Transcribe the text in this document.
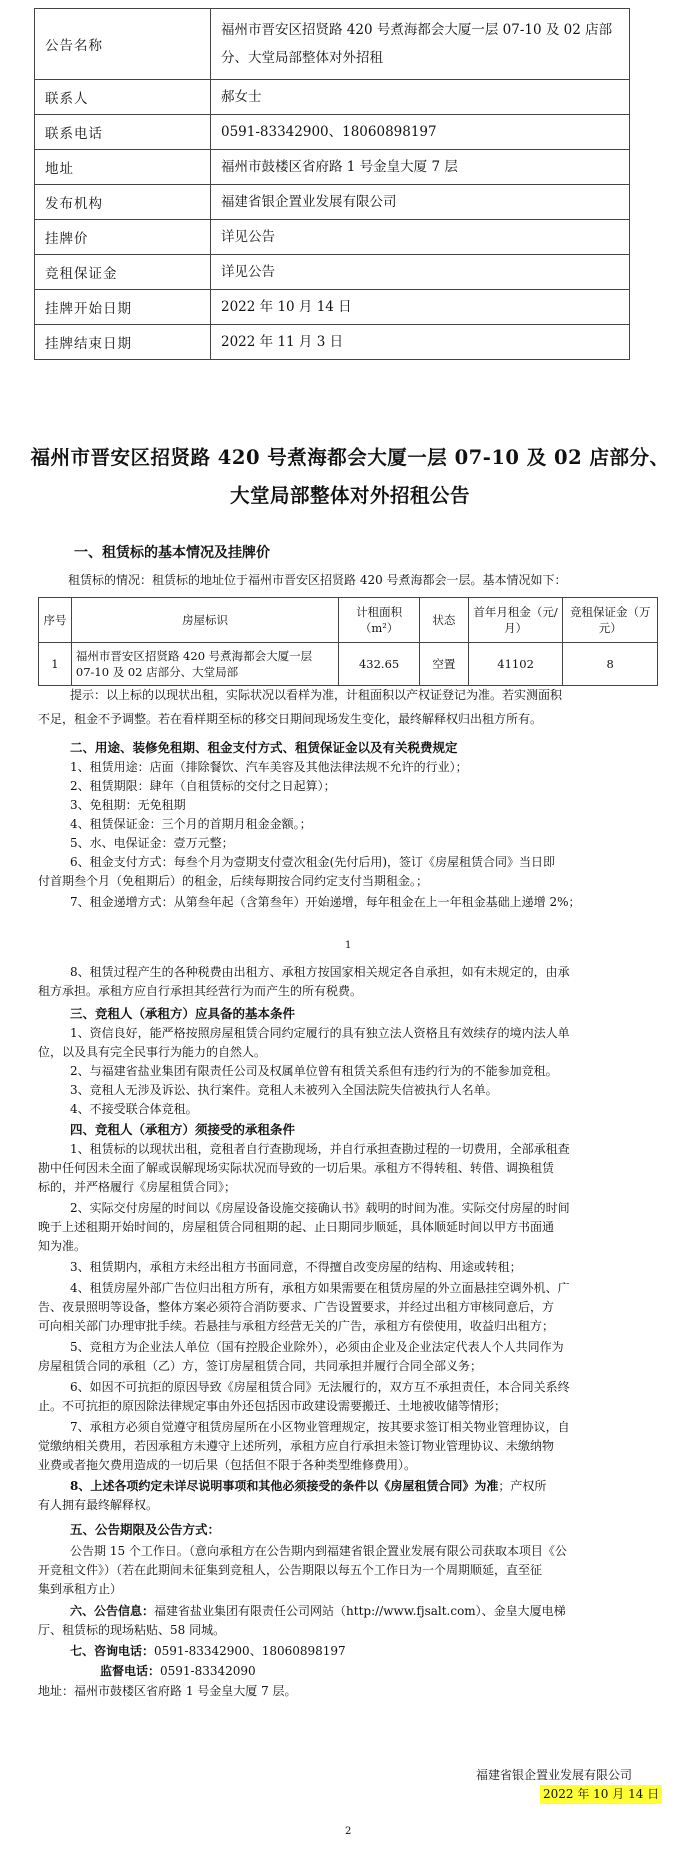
公告名称	福州市晋安区招贤路 420 号煮海都会大厦一层 07-10 及 02 店部分、大堂局部整体对外招租
联系人	郝女士
联系电话	0591-83342900、18060898197
地址	福州市鼓楼区省府路 1 号金皇大厦 7 层
发布机构	福建省银企置业发展有限公司
挂牌价	详见公告
竞租保证金	详见公告
挂牌开始日期	2022 年 10 月 14 日
挂牌结束日期	2022 年 11 月 3 日
福州市晋安区招贤路 420 号煮海都会大厦一层 07-10 及 02 店部分、
大堂局部整体对外招租公告
一、租赁标的基本情况及挂牌价
租赁标的情况：租赁标的地址位于福州市晋安区招贤路 420 号煮海都会一层。基本情况如下：
序号	房屋标识	计租面积（m²）	状态	首年月租金（元/月）	竞租保证金（万元）
1	福州市晋安区招贤路 420 号煮海都会大厦一层 07-10 及 02 店部分、大堂局部	432.65	空置	41102	8
提示：以上标的以现状出租，实际状况以看样为准，计租面积以产权证登记为准。若实测面积
不足，租金不予调整。若在看样期至标的移交日期间现场发生变化，最终解释权归出租方所有。
二、用途、装修免租期、租金支付方式、租赁保证金以及有关税费规定
1、租赁用途：店面（排除餐饮、汽车美容及其他法律法规不允许的行业）；
2、租赁期限：肆年（自租赁标的交付之日起算）；
3、免租期：无免租期
4、租赁保证金：三个月的首期月租金金额。；
5、水、电保证金：壹万元整；
6、租金支付方式：每叁个月为壹期支付壹次租金(先付后用)，签订《房屋租赁合同》当日即
付首期叁个月（免租期后）的租金，后续每期按合同约定支付当期租金。；
7、租金递增方式：从第叁年起（含第叁年）开始递增，每年租金在上一年租金基础上递增 2%；
1
8、租赁过程产生的各种税费由出租方、承租方按国家相关规定各自承担，如有未规定的，由承
租方承担。承租方应自行承担其经营行为而产生的所有税费。
三、竞租人（承租方）应具备的基本条件
1、资信良好，能严格按照房屋租赁合同约定履行的具有独立法人资格且有效续存的境内法人单
位，以及具有完全民事行为能力的自然人。
2、与福建省盐业集团有限责任公司及权属单位曾有租赁关系但有违约行为的不能参加竞租。
3、竞租人无涉及诉讼、执行案件。竞租人未被列入全国法院失信被执行人名单。
4、不接受联合体竞租。
四、竞租人（承租方）须接受的承租条件
1、租赁标的以现状出租，竞租者自行查勘现场，并自行承担查勘过程的一切费用，全部承租查
勘中任何因未全面了解或误解现场实际状况而导致的一切后果。承租方不得转租、转借、调换租赁
标的，并严格履行《房屋租赁合同》；
2、实际交付房屋的时间以《房屋设备设施交接确认书》载明的时间为准。实际交付房屋的时间
晚于上述租期开始时间的，房屋租赁合同租期的起、止日期同步顺延，具体顺延时间以甲方书面通
知为准。
3、租赁期内，承租方未经出租方书面同意，不得擅自改变房屋的结构、用途或转租；
4、租赁房屋外部广告位归出租方所有，承租方如果需要在租赁房屋的外立面悬挂空调外机、广
告、夜景照明等设备，整体方案必须符合消防要求、广告设置要求，并经过出租方审核同意后，方
可向相关部门办理审批手续。若悬挂与承租方经营无关的广告，承租方有偿使用，收益归出租方；
5、竞租方为企业法人单位（国有控股企业除外），必须由企业及企业法定代表人个人共同作为
房屋租赁合同的承租（乙）方，签订房屋租赁合同，共同承担并履行合同全部义务；
6、如因不可抗拒的原因导致《房屋租赁合同》无法履行的，双方互不承担责任，本合同关系终
止。不可抗拒的原因除法律规定事由外还包括因市政建设需要搬迁、土地被收储等情形；
7、承租方必须自觉遵守租赁房屋所在小区物业管理规定，按其要求签订相关物业管理协议，自
觉缴纳相关费用，若因承租方未遵守上述所列，承租方应自行承担未签订物业管理协议、未缴纳物
业费或者拖欠费用造成的一切后果（包括但不限于各种类型维修费用）。
8、上述各项约定未详尽说明事项和其他必须接受的条件以《房屋租赁合同》为准；产权所
有人拥有最终解释权。
五、公告期限及公告方式：
公告期 15 个工作日。（意向承租方在公告期内到福建省银企置业发展有限公司获取本项目《公
开竞租文件》）（若在此期间未征集到竞租人，公告期限以每五个工作日为一个周期顺延，直至征
集到承租方止）
六、公告信息：福建省盐业集团有限责任公司网站（http://www.fjsalt.com）、金皇大厦电梯
厅、租赁标的现场粘贴、58 同城。
七、咨询电话：0591-83342900、18060898197
监督电话：0591-83342090
地址：福州市鼓楼区省府路 1 号金皇大厦 7 层。
福建省银企置业发展有限公司
2022 年 10 月 14 日
2
